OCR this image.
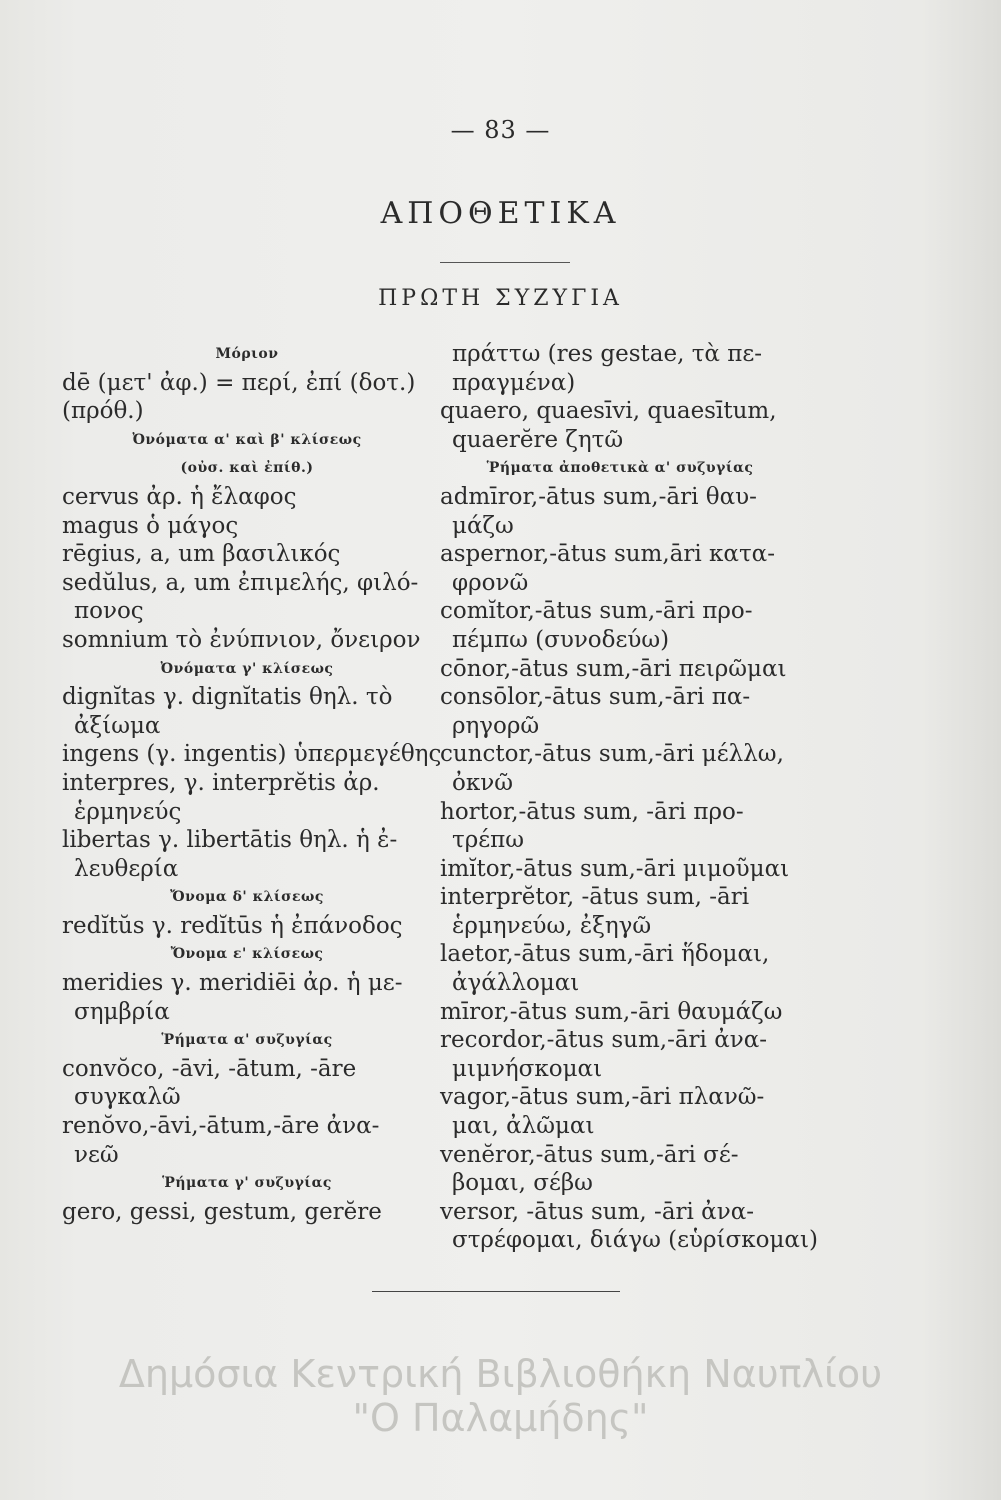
— 83 —
ΑΠΟΘΕΤΙΚΑ
ΠΡΩΤΗ ΣΥΖΥΓΙΑ
Μόριον
dē (μετ' ἀφ.) = περί, ἐπί (δοτ.)
(πρόθ.)
Ὀνόματα α' καὶ β' κλίσεως
(οὐσ. καὶ ἐπίθ.)
cervus ἀρ. ἡ ἔλαφος
magus ὁ μάγος
rēgius, a, um βασιλικός
sedŭlus, a, um ἐπιμελής, φιλό-
πονος
somnium τὸ ἐνύπνιον, ὄνειρον
Ὀνόματα γ' κλίσεως
dignĭtas γ. dignĭtatis θηλ. τὸ
ἀξίωμα
ingens (γ. ingentis) ὑπερμεγέθης
interpres, γ. interprĕtis ἀρ.
ἑρμηνεύς
libertas γ. libertātis θηλ. ἡ ἐ-
λευθερία
Ὄνομα δ' κλίσεως
redĭtŭs γ. redĭtūs ἡ ἐπάνοδος
Ὄνομα ε' κλίσεως
meridies γ. meridiēi ἀρ. ἡ με-
σημβρία
Ῥήματα α' συζυγίας
convŏco, -āvi, -ātum, -āre
συγκαλῶ
renŏvo,-āvi,-ātum,-āre ἀνα-
νεῶ
Ῥήματα γ' συζυγίας
gero, gessi, gestum, gerĕre
πράττω (res gestae, τὰ πε-
πραγμένα)
quaero, quaesīvi, quaesītum,
quaerĕre ζητῶ
Ῥήματα ἀποθετικὰ α' συζυγίας
admīror,-ātus sum,-āri θαυ-
μάζω
aspernor,-ātus sum,āri κατα-
φρονῶ
comĭtor,-ātus sum,-āri προ-
πέμπω (συνοδεύω)
cōnor,-ātus sum,-āri πειρῶμαι
consōlor,-ātus sum,-āri πα-
ρηγορῶ
cunctor,-ātus sum,-āri μέλλω,
ὀκνῶ
hortor,-ātus sum, -āri προ-
τρέπω
imĭtor,-ātus sum,-āri μιμοῦμαι
interprĕtor, -ātus sum, -āri
ἑρμηνεύω, ἐξηγῶ
laetor,-ātus sum,-āri ἥδομαι,
ἀγάλλομαι
mīror,-ātus sum,-āri θαυμάζω
recordor,-ātus sum,-āri ἀνα-
μιμνήσκομαι
vagor,-ātus sum,-āri πλανῶ-
μαι, ἀλῶμαι
venĕror,-ātus sum,-āri σέ-
βομαι, σέβω
versor, -ātus sum, -āri ἀνα-
στρέφομαι, διάγω (εὑρίσκομαι)
Δημόσια Κεντρική Βιβλιοθήκη Ναυπλίου
"Ο Παλαμήδης"
